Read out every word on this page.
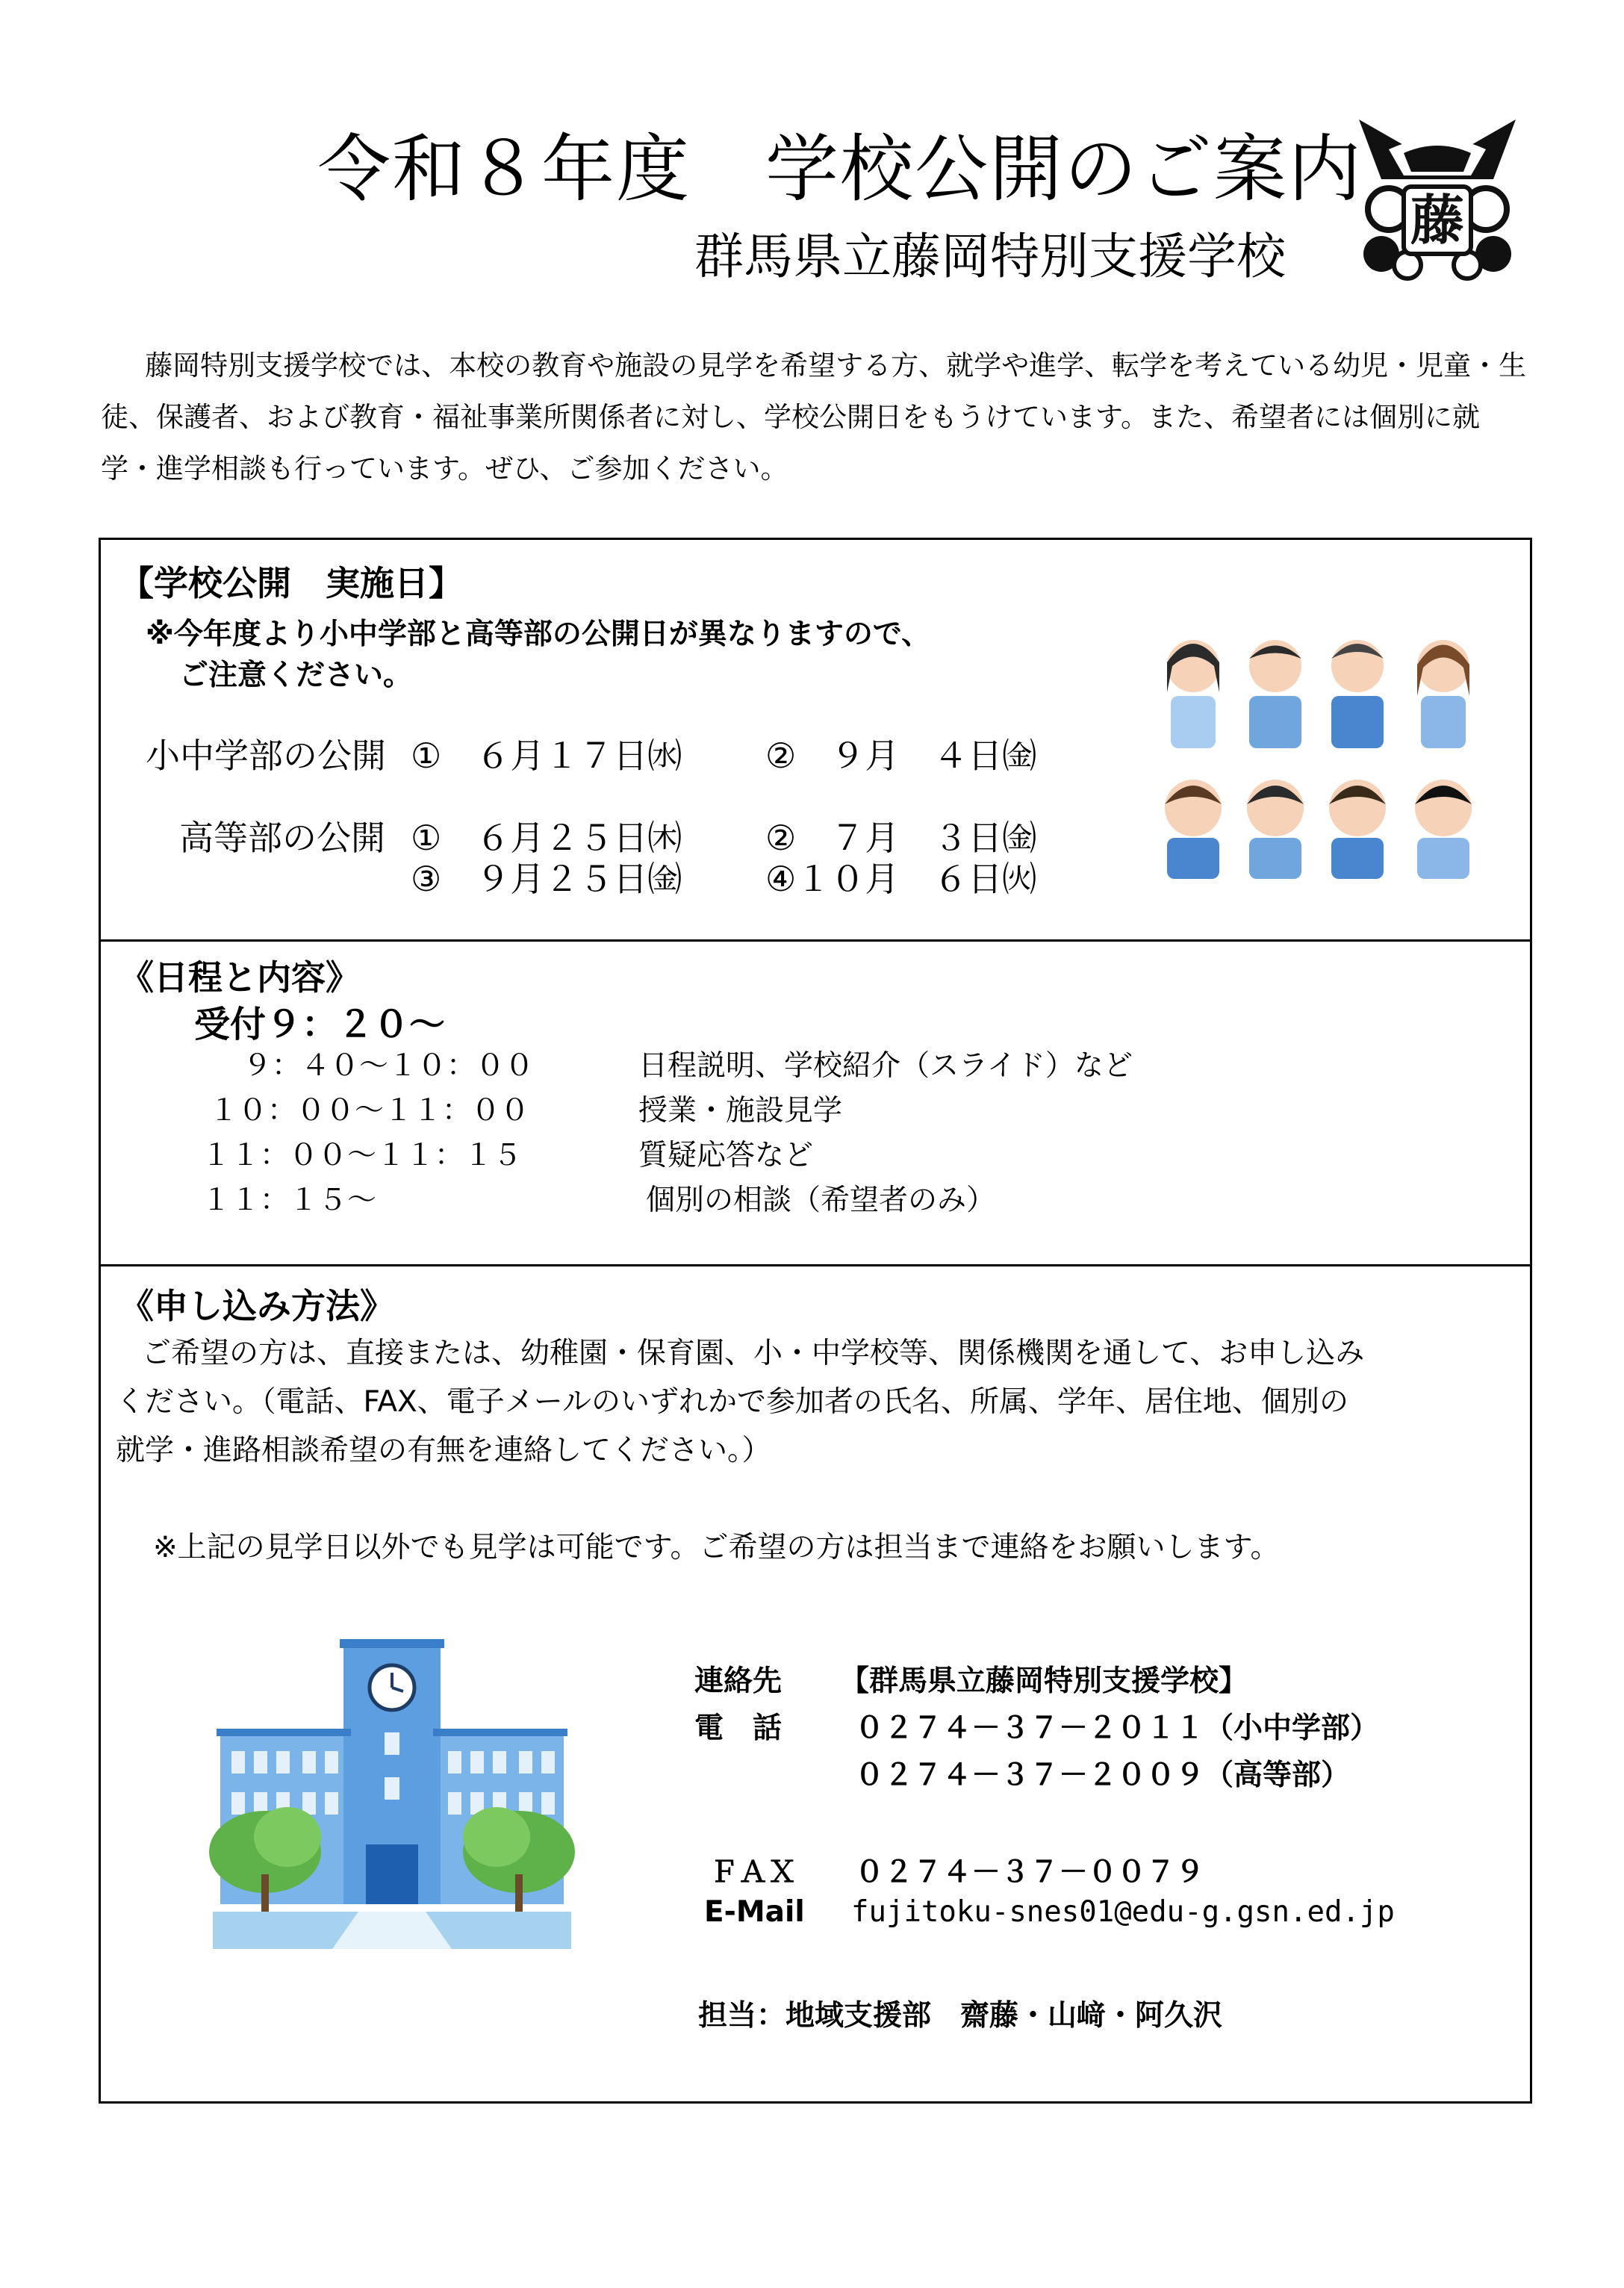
令和８年度　学校公開のご案内
群馬県立藤岡特別支援学校
藤
藤岡特別支援学校では、本校の教育や施設の見学を希望する方、就学や進学、転学を考えている幼児・児童・生徒、保護者、および教育・福祉事業所関係者に対し、学校公開日をもうけています。また、希望者には個別に就学・進学相談も行っています。ぜひ、ご参加ください。
【学校公開　実施日】
※今年度より小中学部と高等部の公開日が異なりますので、
ご注意ください。
小中学部の公開 ①　６月１７日㈬ ②　９月　４日㈮
高等部の公開 ①　６月２５日㈭ ②　７月　３日㈮
③　９月２５日㈮ ④１０月　６日㈫
《日程と内容》
受付９：２０～
９：４０～１０：００	日程説明、学校紹介（スライド）など
１０：００～１１：００	授業・施設見学
１１：００～１１：１５	質疑応答など
１１：１５～	個別の相談（希望者のみ）
《申し込み方法》
ご希望の方は、直接または、幼稚園・保育園、小・中学校等、関係機関を通して、お申し込み
ください。（電話、FAX、電子メールのいずれかで参加者の氏名、所属、学年、居住地、個別の
就学・進路相談希望の有無を連絡してください。）
※上記の見学日以外でも見学は可能です。ご希望の方は担当まで連絡をお願いします。
連絡先 【群馬県立藤岡特別支援学校】
電　話	０２７４－３７－２０１１（小中学部）
０２７４－３７－２００９（高等部）
ＦＡＸ ０２７４－３７－００７９
E-Mail fujitoku-snes01@edu-g.gsn.ed.jp
担当：地域支援部　齋藤・山﨑・阿久沢
